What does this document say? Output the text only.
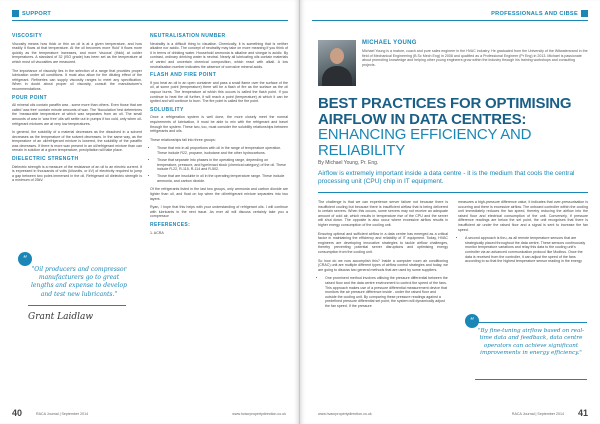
SUPPORT
VISCOSITY

Viscosity means how thick or thin an oil is at a given temperature, and how readily it flows at that temperature. At the oil becomes more 'fluid' it flows more quickly as the temperature increases, and more 'viscous' (thick) at colder temperatures. A standard of 32 (ISO grade) has been set as the temperature at which most oil viscosities are measured.

The importance of viscosity lies in the selection of a range that provides proper lubrication under all conditions. It must also allow for the diluting effect of the refrigerant. Refineries can supply viscosity ranges to meet any specification. When in doubt about proper oil viscosity, consult the manufacturer's recommendations.

POUR POINT

All mineral oils contain paraffin wax - some more than others. Even those that are called 'wax free' contain minute amounts of wax. The 'flocculation' test determines the 'measurable temperature at which wax separates from an oil. The small amounts of wax in 'wax free' oils will settle out in pumps if too cold, only when oil-refrigerant mixtures are at very low temperatures.

In general, the solubility of a material decreases as the dissolved in a solvent decreases as the temperature of the solvent decreases. In the same way, as the temperature of an oil/refrigerant mixture is lowered, the solubility of the paraffin wax decreases. If there is more wax present in an oil/refrigerant mixture than can remain in solution at a given temperature, precipitation will take place.

DIELECTRIC STRENGTH

Dielectric strength is a measure of the resistance of an oil to an electric current. It is expressed in thousands of volts (kilovolts, or kV) of electricity required to jump a gap between two poles immersed in the oil. Refrigerant oil dielectric strength is a minimum of 25kV.

NEUTRALISATION NUMBER

Neutrality is a difficult thing to visualise. Chemically, it is something that is neither alkaline nor acidic. The concept of neutrality may take on more meaning if you think of it in terms of drinking water. Household ammonia is alkaline and vinegar is acidic. By contrast, ordinary drinking water is neutral. Nearly all lubricating oils contain materials of varied and uncertain chemical composition, which react with alkali. A low neutralisation number indicates the absence of corrosive mineral acids.

FLASH AND FIRE POINT

If you heat an oil in an open container and pass a small flame over the surface of the oil, at some point (temperature) there will be a flash of fire as the surface as the oil vapour burns. The temperature at which this occurs is called the flash point. If you continue to heat the oil further, it will reach a point (temperature) at which it can be ignited and will continue to burn. The fire point is called the fire point.

SOLUBILITY

Once a refrigeration system is well done, the more closely meet the normal requirements of lubrication, it must be able to mix with the refrigerant and travel through the system. These two, too, must consider the solubility relationships between refrigerants and oils.

These relationships fall into three groups:

• Those that mix in all proportions with oil in the range of temperature operation. These include R22, propane, isobutane and the other hydrocarbons.
• Those that separate into phases in the operating range, depending on temperature, pressure, and type/exact stock (chemical category) of the oil. These include R-22, R-115, R-114 and R-502.
• Those that are insoluble in oil in the operating temperature range. These include ammonia, and carbon dioxide.

Of the refrigerants listed in the last two groups, only ammonia and carbon dioxide are lighter than oil, and float on top when the oil/refrigerant mixture separates into two layers.

Ryan, I hope that this helps with your understanding of refrigerant oils. I will continue with lubricants in the next issue. As ever all will discuss certainly take you a compressor

REFERENCES:

1. ACRA

“
"Oil producers and compressor manufacturers go to great lengths and expense to develop and test new lubricants."
Grant Laidlaw
40	RACA Journal | September 2014	www.hvacrpropertydirection.co.uk
PROFESSIONALS AND CIBSE
MICHAEL YOUNG
Michael Young is a mature, coach and pure sales engineer in the HVAC industry. He graduated from the University of the Witwatersrand in the field of Mechanical Engineering (B.Sc Mech Eng) in 2008 and qualified as a Professional Engineer (Pr Eng) in 2013. Michael is passionate about promoting knowledge and helping other young engineers grow within the industry through his training workshops and consulting projects.
BEST PRACTICES FOR OPTIMISING AIRFLOW IN DATA CENTRES: ENHANCING EFFICIENCY AND RELIABILITY
By Michael Young, Pr. Eng.
Airflow is extremely important inside a data centre - it is the medium that cools the central processing unit (CPU) chip in IT equipment.

The challenge is that we can experience server failure not because there is insufficient cooling but because there is insufficient airflow that is being delivered to certain servers. When this occurs, some servers may not receive an adequate amount of cold air, which results in temperature rise of the CPU and the server will shut down. The opposite is also occur where excessive airflow results in higher energy consumption of the cooling unit.

Ensuring optimal and sufficient airflow in a data centre has emerged as a critical factor in maintaining the efficiency and reliability of IT equipment. Today, HVAC engineers are developing innovative strategies to tackle airflow challenges, thereby preventing potential server disruptions and optimising energy consumption from the cooling unit.

So how do we now accomplish this? Inside a computer room air conditioning (CRAC) unit are multiple different types of airflow control strategies and today, we are going to discuss two general methods that are used by some suppliers.

• One prominent method involves utilising the pressure differential between the raised floor and the data centre environment to control the speed of the fans. This approach makes use of a pressure differential measurement device that monitors the air pressure difference inside - under the raised floor and outside the cooling unit. By comparing these pressure readings against a predefined pressure differential set point, the system will dynamically adjust the fan speed. If the pressure

measures a high-pressure difference value, it indicates that over-pressurisation is occurring and there is excessive airflow. The onboard controller within the cooling unit immediately reduces the fan speed, thereby reducing the airflow into the raised floor and electrical consumption of the unit. Conversely, if pressure difference readings are below the set point, the unit recognises that there is insufficient air under the raised floor and a signal is sent to increase the fan speed.

• A second approach is thru, as all remote temperature sensors that are strategically placed throughout the data centre. These sensors continuously monitor temperature variations and relay this data to the cooling unit's controller via an advanced communication protocol like Modbus. Once the data is received from the controller, it can adjust the speed of the fans according to so that the highest temperature sensor reading in the energy
“
"By fine-tuning airflow based on real-time data and feedback, data centre operators can achieve significant improvements in energy efficiency."
www.hvacrpropertydirection.co.uk	RACA Journal | September 2014 41
